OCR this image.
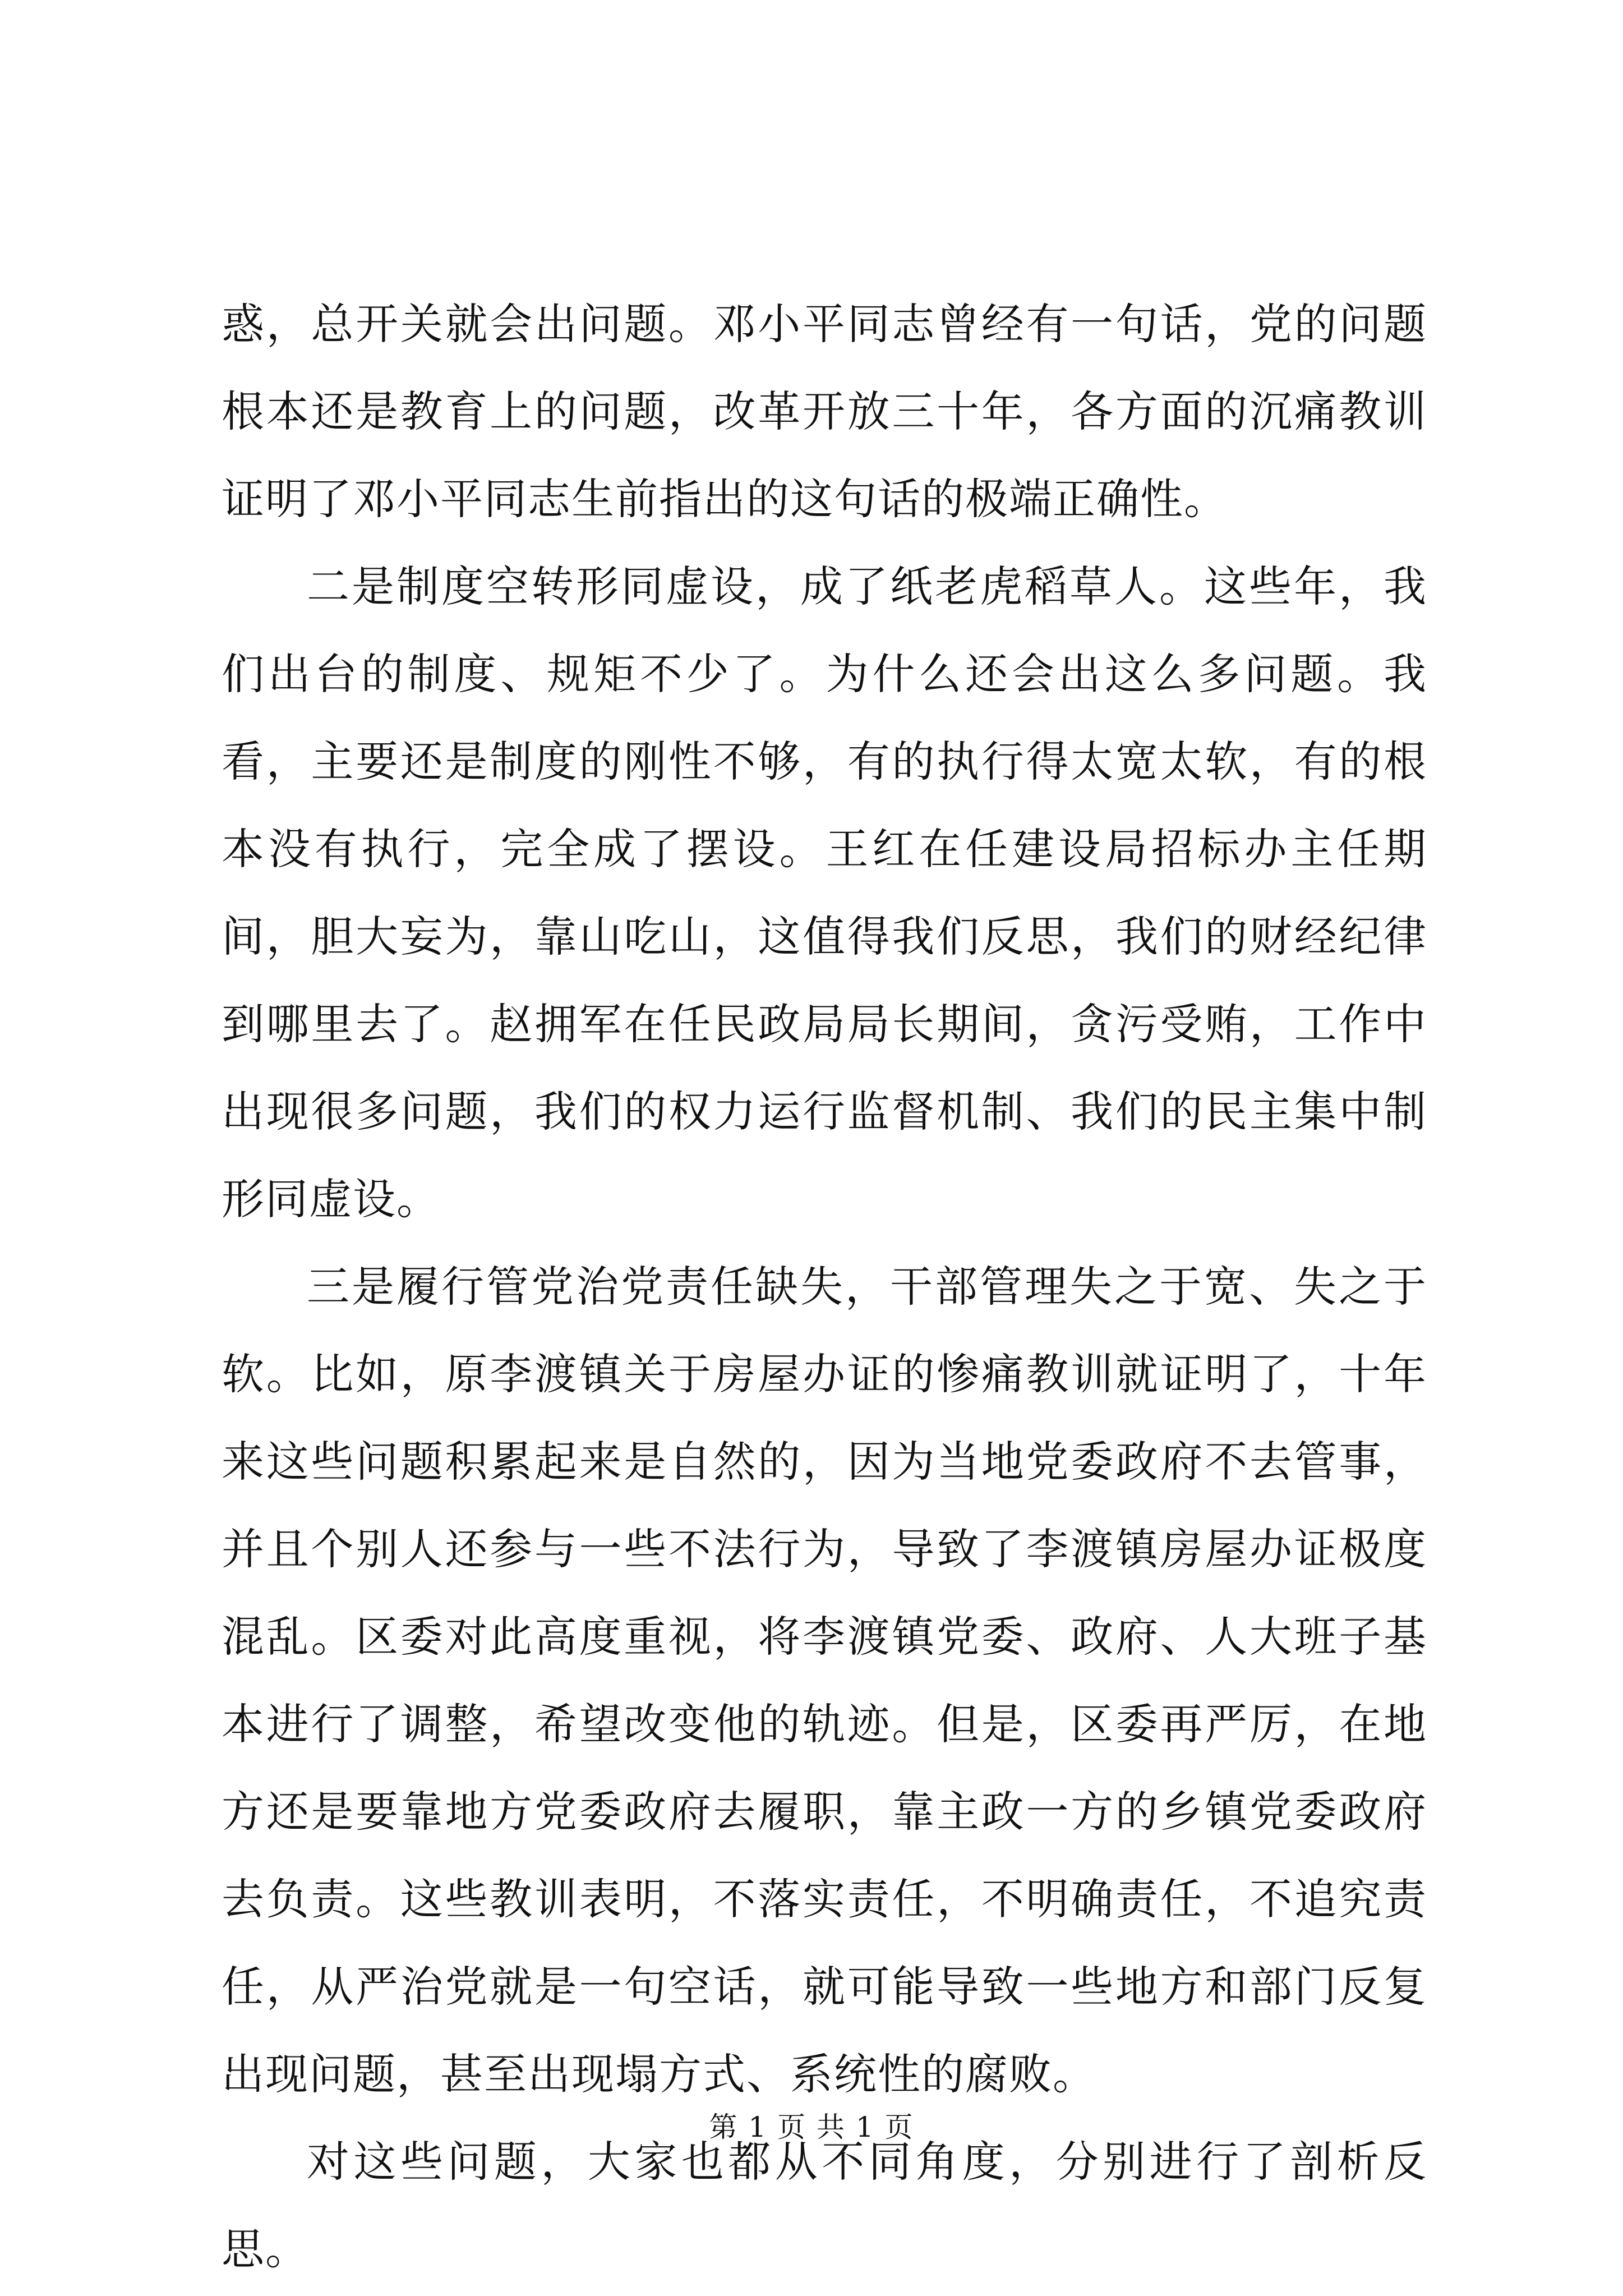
惑，总开关就会出问题。邓小平同志曾经有一句话，党的问题根本还是教育上的问题，改革开放三十年，各方面的沉痛教训证明了邓小平同志生前指出的这句话的极端正确性。

二是制度空转形同虚设，成了纸老虎稻草人。这些年，我们出台的制度、规矩不少了。为什么还会出这么多问题。我看，主要还是制度的刚性不够，有的执行得太宽太软，有的根本没有执行，完全成了摆设。王红在任建设局招标办主任期间，胆大妄为，靠山吃山，这值得我们反思，我们的财经纪律到哪里去了。赵拥军在任民政局局长期间，贪污受贿，工作中出现很多问题，我们的权力运行监督机制、我们的民主集中制形同虚设。

三是履行管党治党责任缺失，干部管理失之于宽、失之于软。比如，原李渡镇关于房屋办证的惨痛教训就证明了，十年来这些问题积累起来是自然的，因为当地党委政府不去管事，并且个别人还参与一些不法行为，导致了李渡镇房屋办证极度混乱。区委对此高度重视，将李渡镇党委、政府、人大班子基本进行了调整，希望改变他的轨迹。但是，区委再严厉，在地方还是要靠地方党委政府去履职，靠主政一方的乡镇党委政府去负责。这些教训表明，不落实责任，不明确责任，不追究责任，从严治党就是一句空话，就可能导致一些地方和部门反复出现问题，甚至出现塌方式、系统性的腐败。

对这些问题，大家也都从不同角度，分别进行了剖析反思。

第 1 页 共 1 页
